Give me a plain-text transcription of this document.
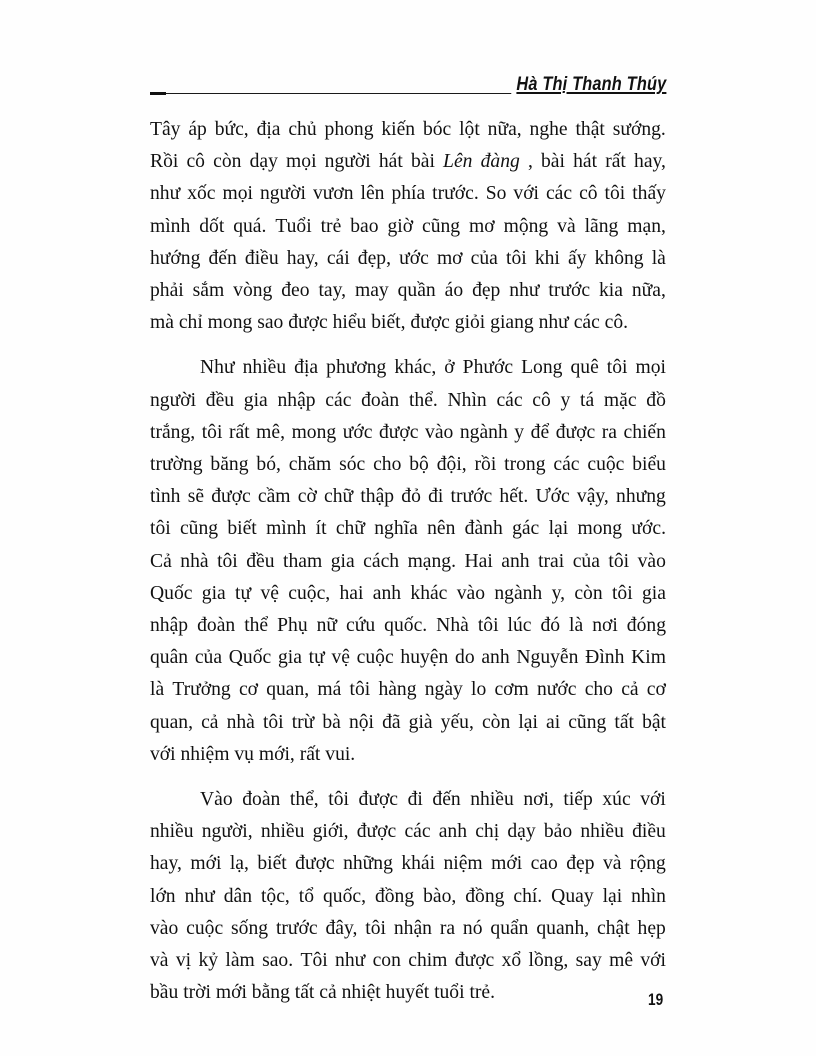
Hà Thị Thanh Thúy
Tây áp bức, địa chủ phong kiến bóc lột nữa, nghe thật sướng.
Rồi cô còn dạy mọi người hát bài Lên đàng , bài hát rất hay,
như xốc mọi người vươn lên phía trước. So với các cô tôi thấy
mình dốt quá. Tuổi trẻ bao giờ cũng mơ mộng và lãng mạn,
hướng đến điều hay, cái đẹp, ước mơ của tôi khi ấy không là
phải sắm vòng đeo tay, may quần áo đẹp như trước kia nữa,
mà chỉ mong sao được hiểu biết, được giỏi giang như các cô.
Như nhiều địa phương khác, ở Phước Long quê tôi mọi
người đều gia nhập các đoàn thể. Nhìn các cô y tá mặc đồ
trắng, tôi rất mê, mong ước được vào ngành y để được ra chiến
trường băng bó, chăm sóc cho bộ đội, rồi trong các cuộc biểu
tình sẽ được cầm cờ chữ thập đỏ đi trước hết. Ước vậy, nhưng
tôi cũng biết mình ít chữ nghĩa nên đành gác lại mong ước.
Cả nhà tôi đều tham gia cách mạng. Hai anh trai của tôi vào
Quốc gia tự vệ cuộc, hai anh khác vào ngành y, còn tôi gia
nhập đoàn thể Phụ nữ cứu quốc. Nhà tôi lúc đó là nơi đóng
quân của Quốc gia tự vệ cuộc huyện do anh Nguyễn Đình Kim
là Trưởng cơ quan, má tôi hàng ngày lo cơm nước cho cả cơ
quan, cả nhà tôi trừ bà nội đã già yếu, còn lại ai cũng tất bật
với nhiệm vụ mới, rất vui.
Vào đoàn thể, tôi được đi đến nhiều nơi, tiếp xúc với
nhiều người, nhiều giới, được các anh chị dạy bảo nhiều điều
hay, mới lạ, biết được những khái niệm mới cao đẹp và rộng
lớn như dân tộc, tổ quốc, đồng bào, đồng chí. Quay lại nhìn
vào cuộc sống trước đây, tôi nhận ra nó quẩn quanh, chật hẹp
và vị kỷ làm sao. Tôi như con chim được xổ lồng, say mê với
bầu trời mới bằng tất cả nhiệt huyết tuổi trẻ.	19
